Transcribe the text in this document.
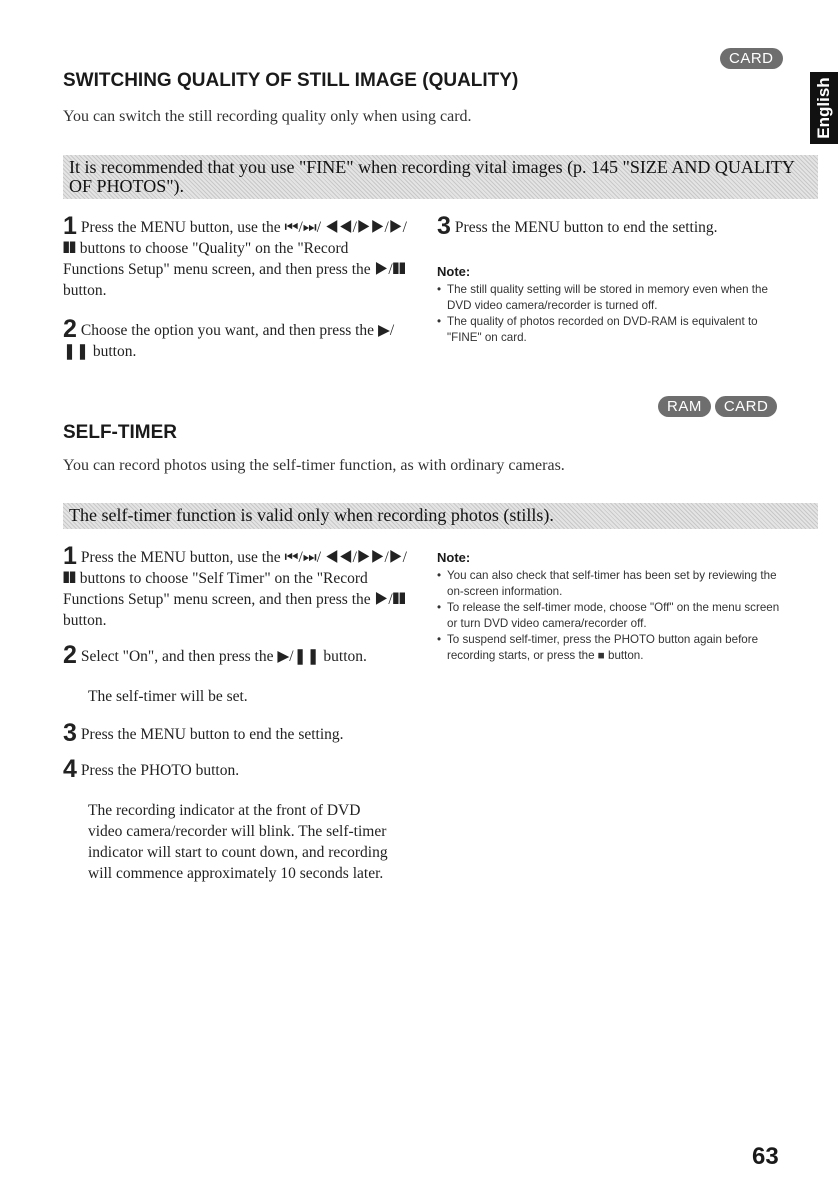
English
CARD
SWITCHING QUALITY OF STILL IMAGE (QUALITY)
You can switch the still recording quality only when using card.
It is recommended that you use "FINE" when recording vital images (p. 145 "SIZE AND QUALITY OF PHOTOS").
1 Press the MENU button, use the ⏮/⏭/ ◀◀/▶▶/▶/❚❚ buttons to choose "Quality" on the "Record Functions Setup" menu screen, and then press the ▶/❚❚ button.
2 Choose the option you want, and then press the ▶/❚❚ button.
3 Press the MENU button to end the setting.
Note:
• The still quality setting will be stored in memory even when the DVD video camera/recorder is turned off.
• The quality of photos recorded on DVD-RAM is equivalent to "FINE" on card.
RAM CARD
SELF-TIMER
You can record photos using the self-timer function, as with ordinary cameras.
The self-timer function is valid only when recording photos (stills).
1 Press the MENU button, use the ⏮/⏭/ ◀◀/▶▶/▶/❚❚ buttons to choose "Self Timer" on the "Record Functions Setup" menu screen, and then press the ▶/❚❚ button.
2 Select "On", and then press the ▶/❚❚ button.
The self-timer will be set.
3 Press the MENU button to end the setting.
4 Press the PHOTO button.
The recording indicator at the front of DVD video camera/recorder will blink. The self-timer indicator will start to count down, and recording will commence approximately 10 seconds later.
Note:
• You can also check that self-timer has been set by reviewing the on-screen information.
• To release the self-timer mode, choose "Off" on the menu screen or turn DVD video camera/recorder off.
• To suspend self-timer, press the PHOTO button again before recording starts, or press the ■ button.
63
